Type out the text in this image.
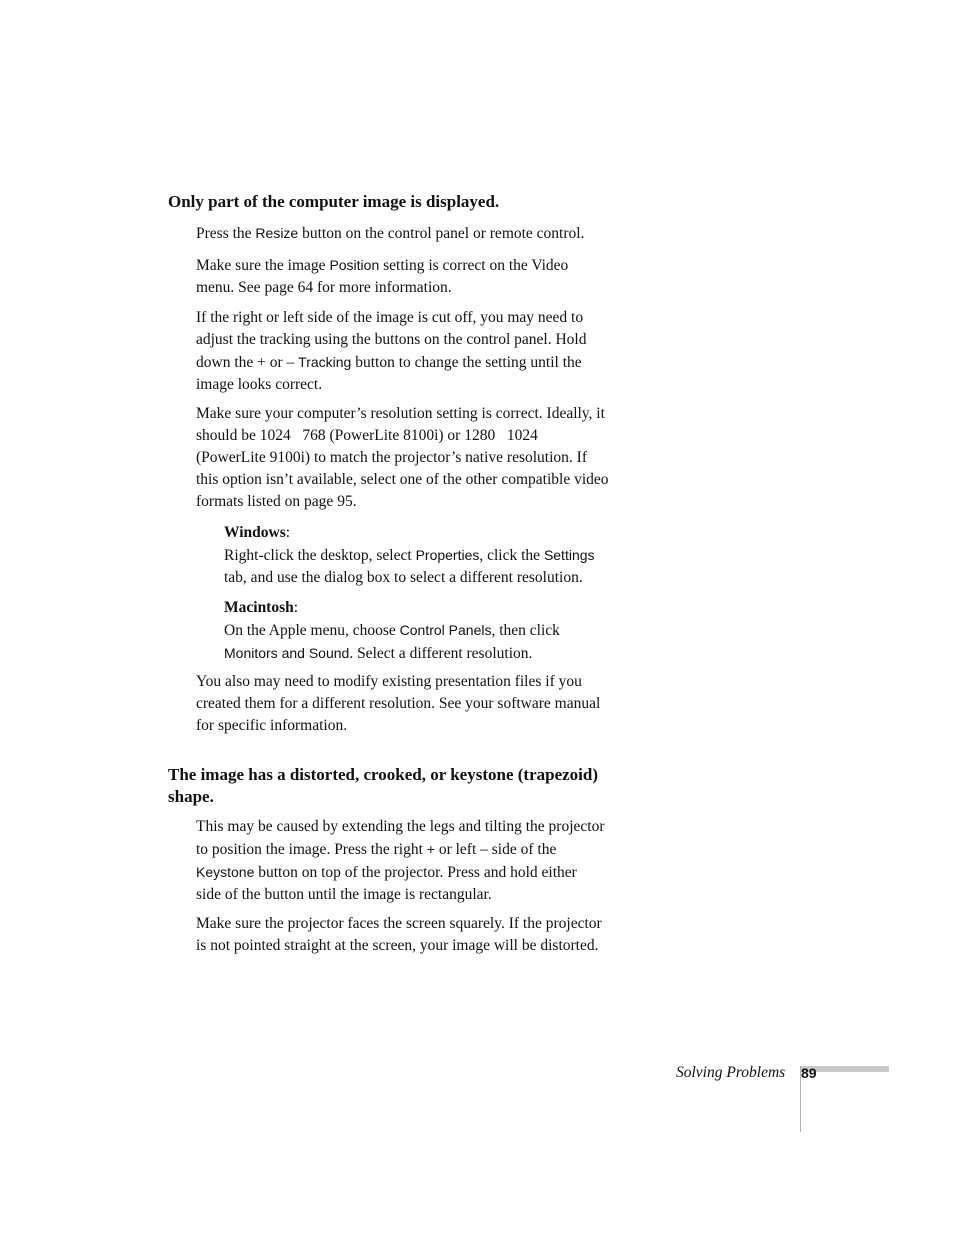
Only part of the computer image is displayed.

Press the Resize button on the control panel or remote control.

Make sure the image Position setting is correct on the Video
menu. See page 64 for more information.

If the right or left side of the image is cut off, you may need to
adjust the tracking using the buttons on the control panel. Hold
down the + or – Tracking button to change the setting until the
image looks correct.

Make sure your computer’s resolution setting is correct. Ideally, it
should be 1024   768 (PowerLite 8100i) or 1280   1024
(PowerLite 9100i) to match the projector’s native resolution. If
this option isn’t available, select one of the other compatible video
formats listed on page 95.

Windows:
Right-click the desktop, select Properties, click the Settings
tab, and use the dialog box to select a different resolution.

Macintosh:
On the Apple menu, choose Control Panels, then click
Monitors and Sound. Select a different resolution.

You also may need to modify existing presentation files if you
created them for a different resolution. See your software manual
for specific information.

The image has a distorted, crooked, or keystone (trapezoid)
shape.

This may be caused by extending the legs and tilting the projector
to position the image. Press the right + or left – side of the
Keystone button on top of the projector. Press and hold either
side of the button until the image is rectangular.

Make sure the projector faces the screen squarely. If the projector
is not pointed straight at the screen, your image will be distorted.

Solving Problems 89
